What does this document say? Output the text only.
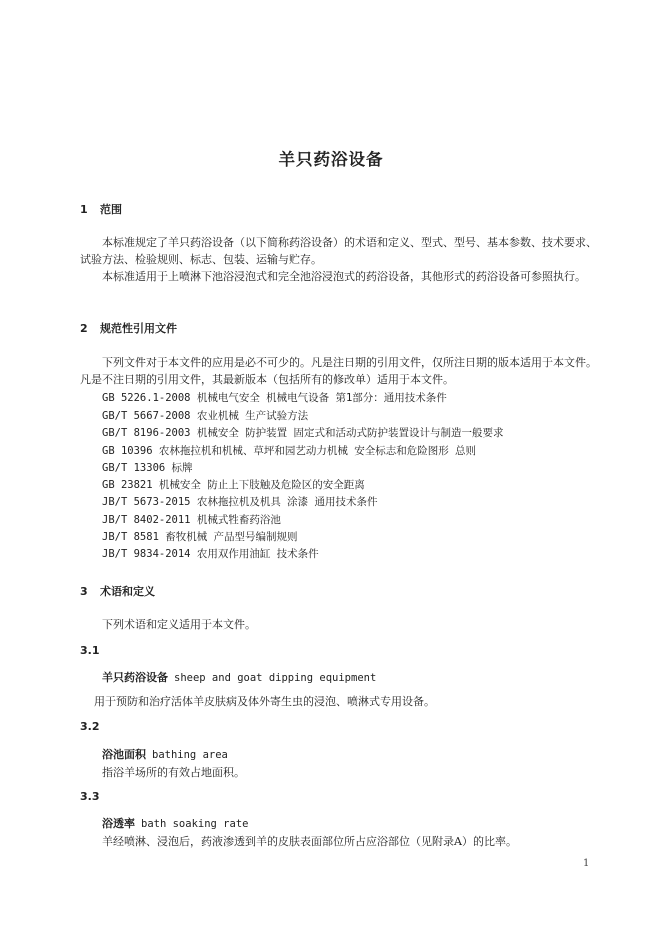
羊只药浴设备
1 范围
本标准规定了羊只药浴设备（以下简称药浴设备）的术语和定义、型式、型号、基本参数、技术要求、试验方法、检验规则、标志、包装、运输与贮存。
本标准适用于上喷淋下池浴浸泡式和完全池浴浸泡式的药浴设备，其他形式的药浴设备可参照执行。
2 规范性引用文件
下列文件对于本文件的应用是必不可少的。凡是注日期的引用文件，仅所注日期的版本适用于本文件。凡是不注日期的引用文件，其最新版本（包括所有的修改单）适用于本文件。
GB 5226.1-2008 机械电气安全 机械电气设备 第1部分：通用技术条件
GB/T 5667-2008 农业机械 生产试验方法
GB/T 8196-2003 机械安全 防护装置 固定式和活动式防护装置设计与制造一般要求
GB 10396 农林拖拉机和机械、草坪和园艺动力机械 安全标志和危险图形 总则
GB/T 13306 标牌
GB 23821 机械安全 防止上下肢触及危险区的安全距离
JB/T 5673-2015 农林拖拉机及机具 涂漆 通用技术条件
JB/T 8402-2011 机械式牲畜药浴池
JB/T 8581 畜牧机械 产品型号编制规则
JB/T 9834-2014 农用双作用油缸 技术条件
3 术语和定义
下列术语和定义适用于本文件。
3.1
羊只药浴设备 sheep and goat dipping equipment
用于预防和治疗活体羊皮肤病及体外寄生虫的浸泡、喷淋式专用设备。
3.2
浴池面积 bathing area
指浴羊场所的有效占地面积。
3.3
浴透率 bath soaking rate
羊经喷淋、浸泡后，药液渗透到羊的皮肤表面部位所占应浴部位（见附录A）的比率。
1
